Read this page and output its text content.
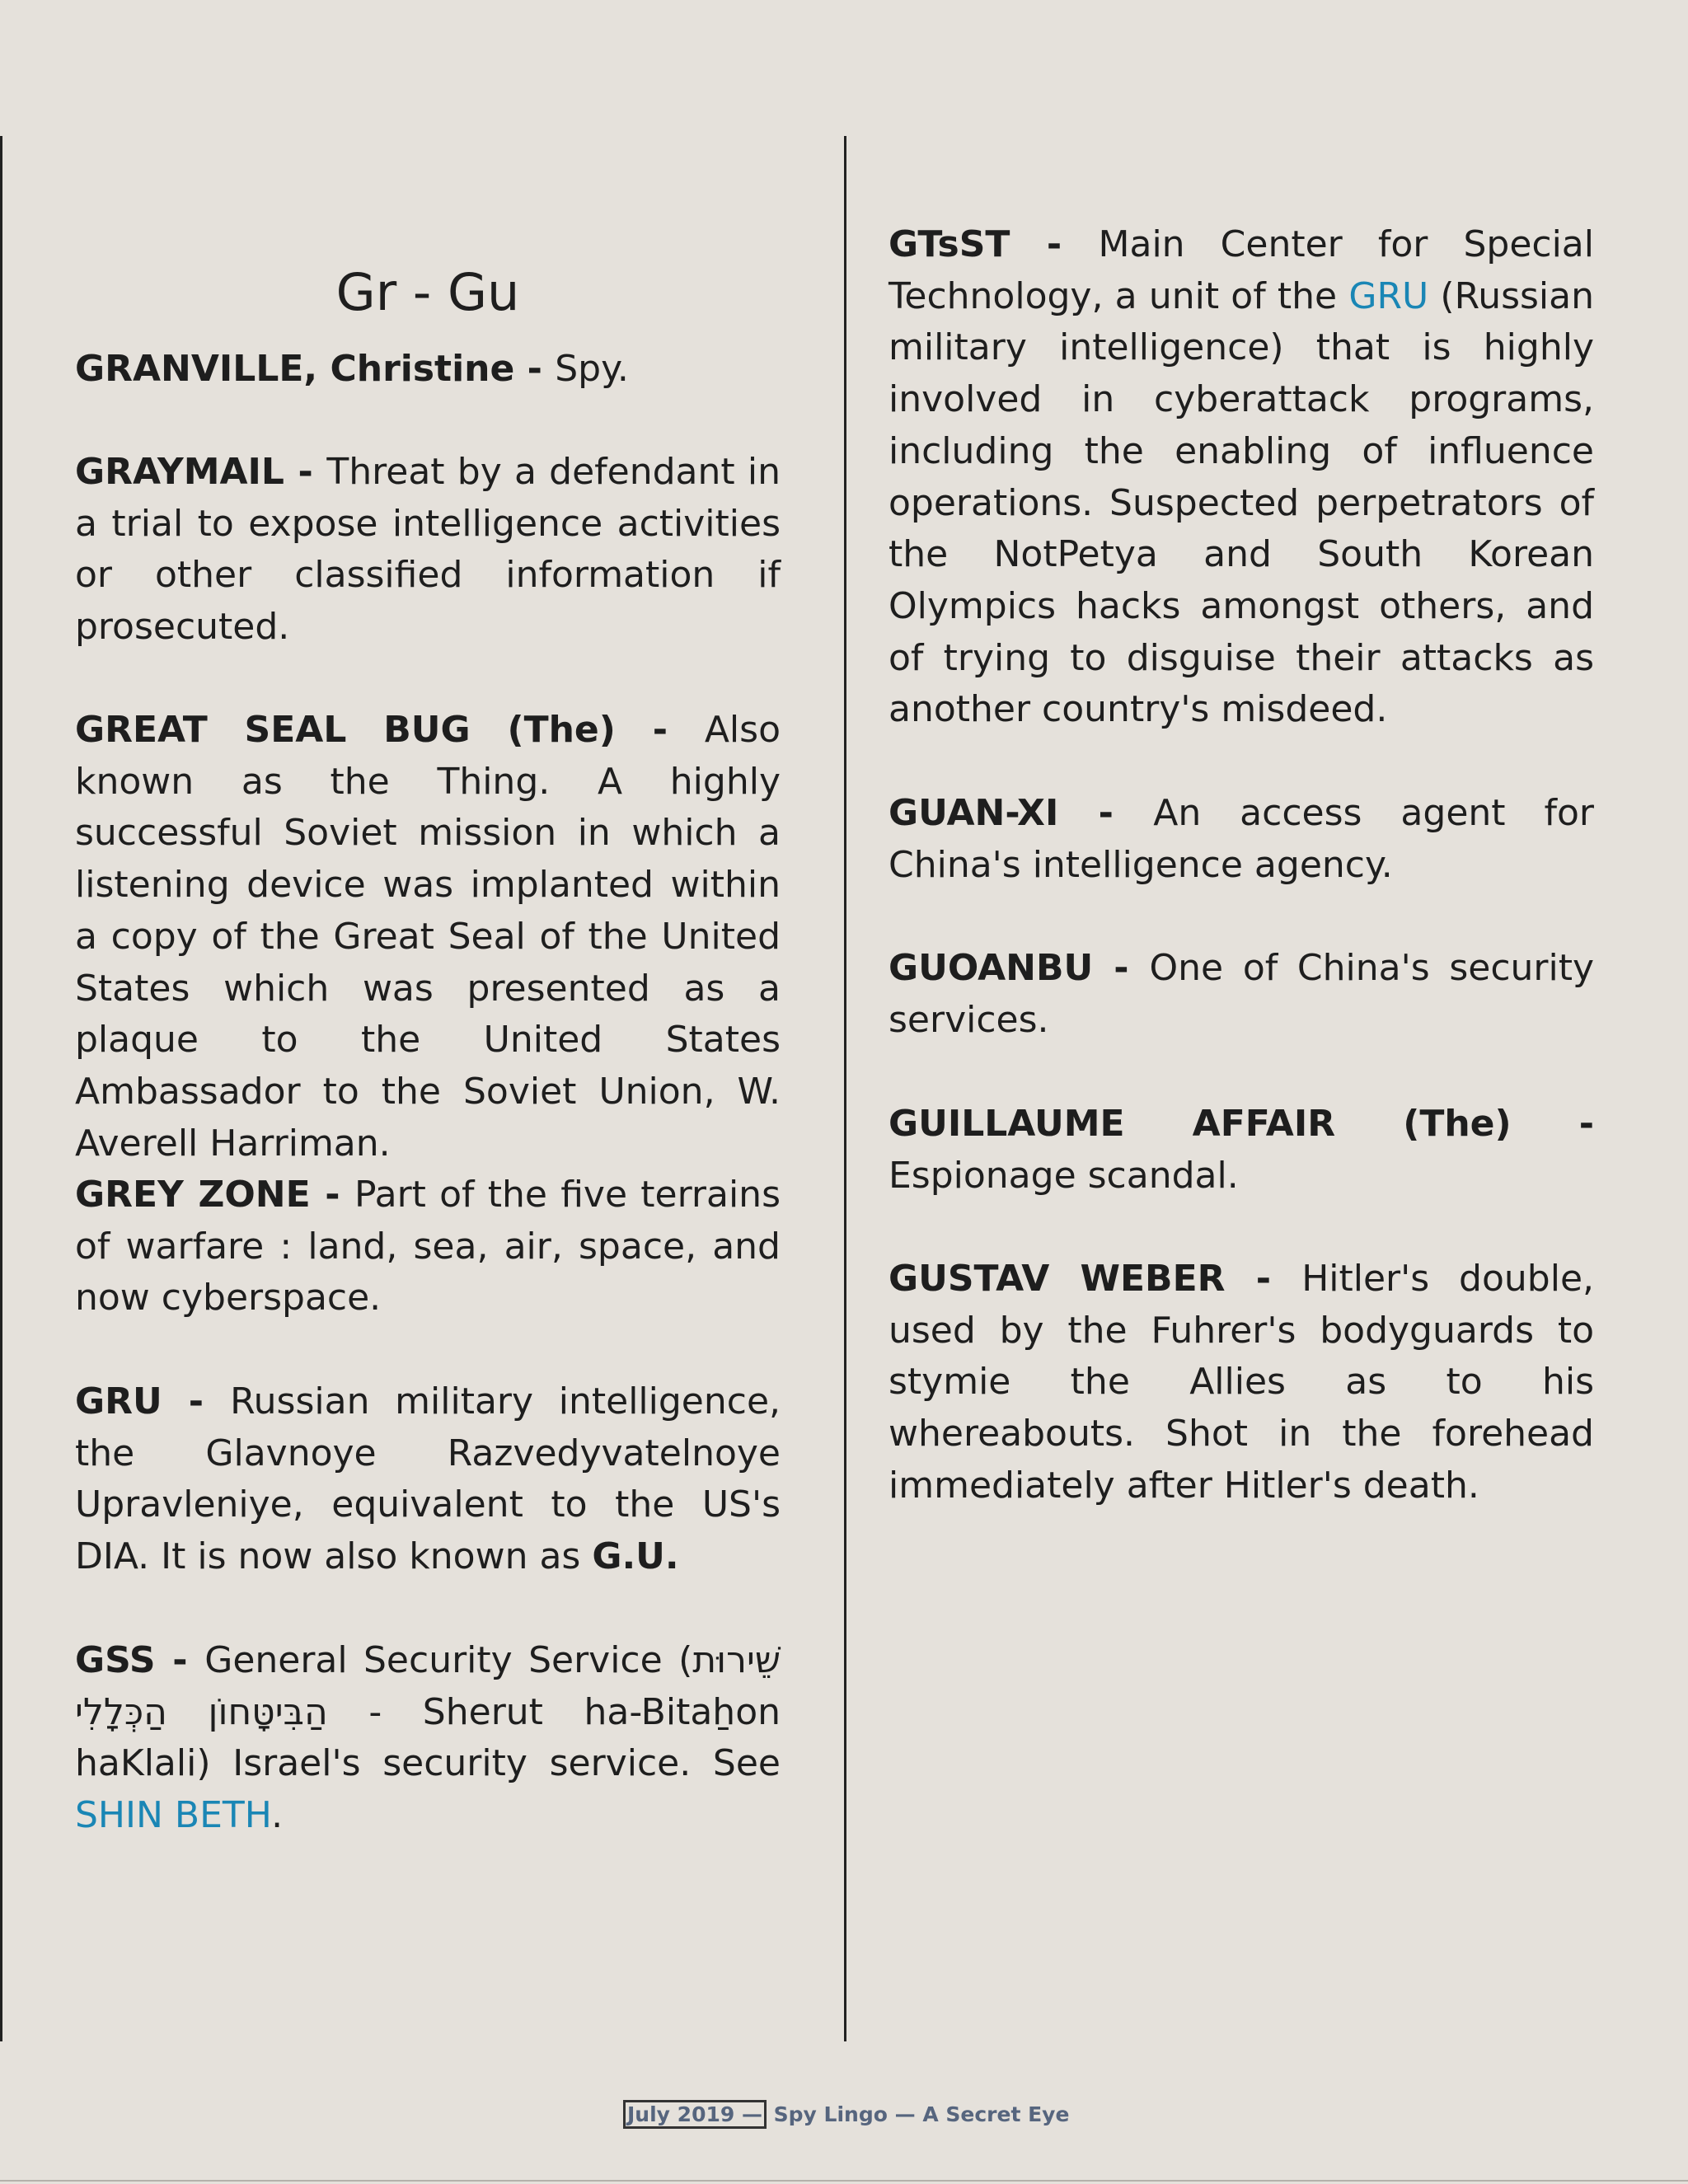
Gr - Gu

GRANVILLE, Christine - Spy.

GRAYMAIL - Threat by a defendant in a trial to expose intelligence activities or other classified information if prosecuted.

GREAT SEAL BUG (The) - Also known as the Thing. A highly successful Soviet mission in which a listening device was implanted within a copy of the Great Seal of the United States which was presented as a plaque to the United States Ambassador to the Soviet Union, W. Averell Harriman.

GREY ZONE - Part of the five terrains of warfare : land, sea, air, space, and now cyberspace.

GRU - Russian military intelligence, the Glavnoye Razvedyvatelnoye Upravleniye, equivalent to the US's DIA. It is now also known as G.U.

GSS - General Security Service (שֵׁירוּת הַבִּיטָּחוֹן הַכְּלָלִי - Sherut ha-Bitaẖon haKlali) Israel's security service. See SHIN BETH.

GTsST - Main Center for Special Technology, a unit of the GRU (Russian military intelligence) that is highly involved in cyberattack programs, including the enabling of influence operations. Suspected perpetrators of the NotPetya and South Korean Olympics hacks amongst others, and of trying to disguise their attacks as another country's misdeed.

GUAN-XI - An access agent for China's intelligence agency.

GUOANBU - One of China's security services.

GUILLAUME AFFAIR (The) - Espionage scandal.

GUSTAV WEBER - Hitler's double, used by the Fuhrer's bodyguards to stymie the Allies as to his whereabouts. Shot in the forehead immediately after Hitler's death.

July 2019 — Spy Lingo — A Secret Eye
